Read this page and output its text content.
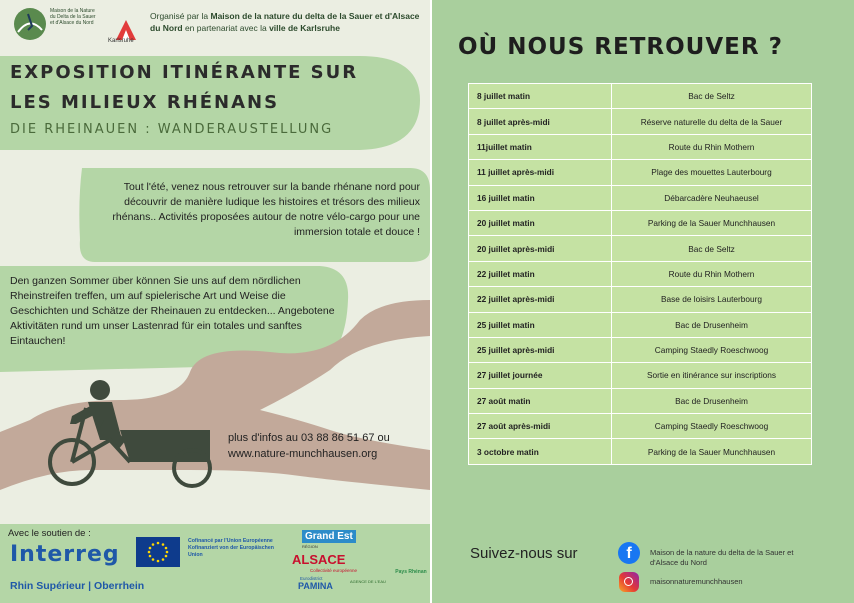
Maison de la Nature du Delta de la Sauer et d'Alsace du Nord
Karlsruhe
Organisé par la Maison de la nature du delta de la Sauer et d'Alsace du Nord en partenariat avec la ville de Karlsruhe
EXPOSITION ITINÉRANTE SUR
LES MILIEUX RHÉNANS
DIE RHEINAUEN : WANDERAUSTELLUNG
Tout l'été, venez nous retrouver sur la bande rhénane nord pour découvrir de manière ludique les histoires et trésors des milieux rhénans.. Activités proposées autour de notre vélo-cargo pour une immersion totale et douce !
Den ganzen Sommer über können Sie uns auf dem nördlichen Rheinstreifen treffen, um auf spielerische Art und Weise die Geschichten und Schätze der Rheinauen zu entdecken... Angebotene Aktivitäten rund um unser Lastenrad für ein totales und sanftes Eintauchen!
plus d'infos au 03 88 86 51 67 ou
www.nature-munchhausen.org
Avec le soutien de :
Interreg
Rhin Supérieur | Oberrhein
Cofinancé par l'Union Européenne Kofinanziert von der Europäischen Union
Grand Est
RÉGION
ALSACE
Collectivité européenne
Eurodistrict
PAMINA	AGENCE DE L'EAU
Pays Rhénan
OÙ NOUS RETROUVER ?
8 juillet matin	Bac de Seltz
8 juillet après-midi	Réserve naturelle du delta de la Sauer
11juillet matin	Route du Rhin Mothern
11 juillet après-midi	Plage des mouettes Lauterbourg
16 juillet matin	Débarcadère Neuhaeusel
20 juillet matin	Parking de la Sauer Munchhausen
20 juillet après-midi	Bac de Seltz
22 juillet matin	Route du Rhin Mothern
22 juillet après-midi	Base de loisirs Lauterbourg
25 juillet matin	Bac de Drusenheim
25 juillet après-midi	Camping Staedly Roeschwoog
27 juillet journée	Sortie en itinérance sur inscriptions
27 août matin	Bac de Drusenheim
27 août après-midi	Camping Staedly Roeschwoog
3 octobre matin	Parking de la Sauer Munchhausen
Suivez-nous sur	f	Maison de la nature du delta de la Sauer et d'Alsace du Nord
maisonnaturemunchhausen
